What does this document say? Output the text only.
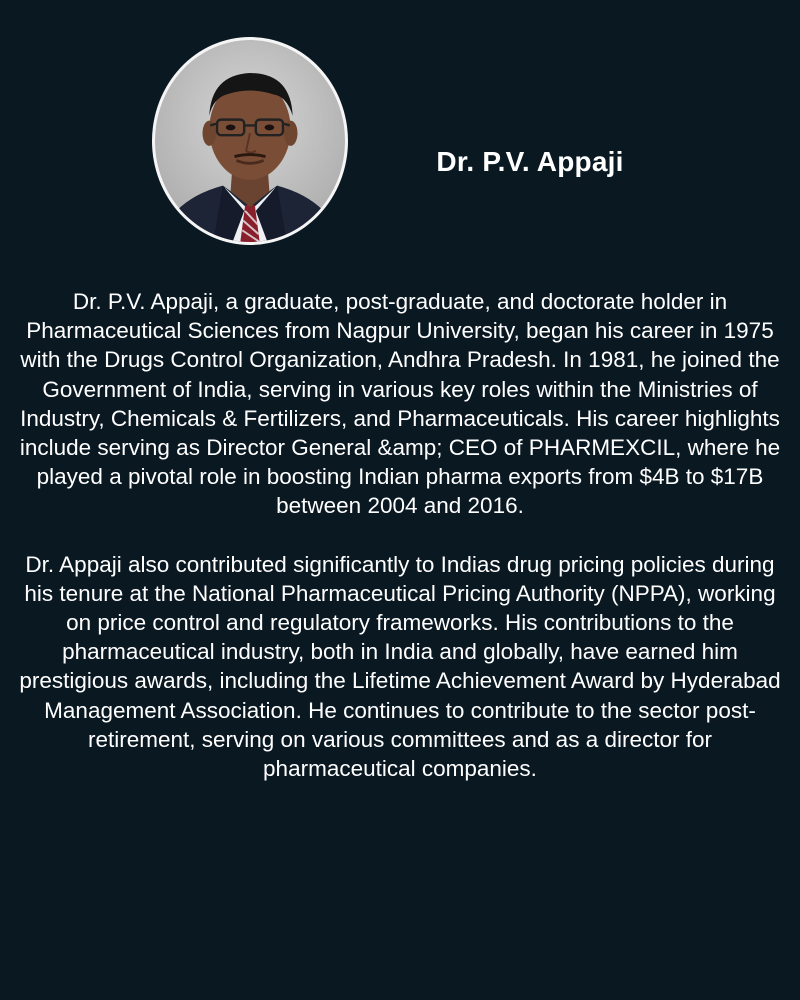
Dr. P.V. Appaji

Dr. P.V. Appaji, a graduate, post-graduate, and doctorate holder in Pharmaceutical Sciences from Nagpur University, began his career in 1975 with the Drugs Control Organization, Andhra Pradesh. In 1981, he joined the Government of India, serving in various key roles within the Ministries of Industry, Chemicals & Fertilizers, and Pharmaceuticals. His career highlights include serving as Director General &amp; CEO of PHARMEXCIL, where he played a pivotal role in boosting Indian pharma exports from $4B to $17B between 2004 and 2016.

Dr. Appaji also contributed significantly to Indias drug pricing policies during his tenure at the National Pharmaceutical Pricing Authority (NPPA), working on price control and regulatory frameworks. His contributions to the pharmaceutical industry, both in India and globally, have earned him prestigious awards, including the Lifetime Achievement Award by Hyderabad Management Association. He continues to contribute to the sector post- retirement, serving on various committees and as a director for pharmaceutical companies.
